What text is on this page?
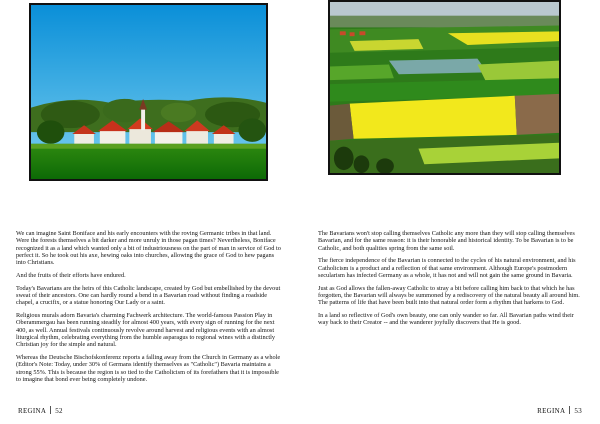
We can imagine Saint Boniface and his early encounters with the roving Germanic tribes in that land. Were the forests themselves a bit darker and more unruly in those pagan times? Nevertheless, Boniface recognized it as a land which wanted only a bit of industriousness on the part of man in service of God to perfect it. So he took out his axe, hewing oaks into churches, allowing the grace of God to hew pagans into Christians.

And the fruits of their efforts have endured.

Today's Bavarians are the heirs of this Catholic landscape, created by God but embellished by the devout sweat of their ancestors. One can hardly round a bend in a Bavarian road without finding a roadside chapel, a crucifix, or a statue honoring Our Lady or a saint.

Religious murals adorn Bavaria's charming Fachwerk architecture. The world-famous Passion Play in Oberammergau has been running steadily for almost 400 years, with every sign of running for the next 400, as well. Annual festivals continuously revolve around harvest and religious events with an almost liturgical rhythm, celebrating everything from the humble asparagus to regional wines with a distinctly Christian joy for the simple and natural.

Whereas the Deutsche Bischofskonferenz reports a falling away from the Church in Germany as a whole (Editor's Note: Today, under 30% of Germans identify themselves as "Catholic") Bavaria maintains a strong 55%. This is because the region is so tied to the Catholicism of its forefathers that it is impossible to imagine that bond ever being completely undone.

The Bavarians won't stop calling themselves Catholic any more than they will stop calling themselves Bavarian, and for the same reason: it is their honorable and historical identity. To be Bavarian is to be Catholic, and both qualities spring from the same soil.

The fierce independence of the Bavarian is connected to the cycles of his natural environment, and his Catholicism is a product and a reflection of that same environment. Although Europe's postmodern secularism has infected Germany as a whole, it has not and will not gain the same ground in Bavaria.

Just as God allows the fallen-away Catholic to stray a bit before calling him back to that which he has forgotten, the Bavarian will always be summoned by a rediscovery of the natural beauty all around him. The patterns of life that have been built into that natural order form a rhythm that harkens to God.

In a land so reflective of God's own beauty, one can only wander so far. All Bavarian paths wind their way back to their Creator -- and the wanderer joyfully discovers that He is good.

REGINA 52	REGINA 53
